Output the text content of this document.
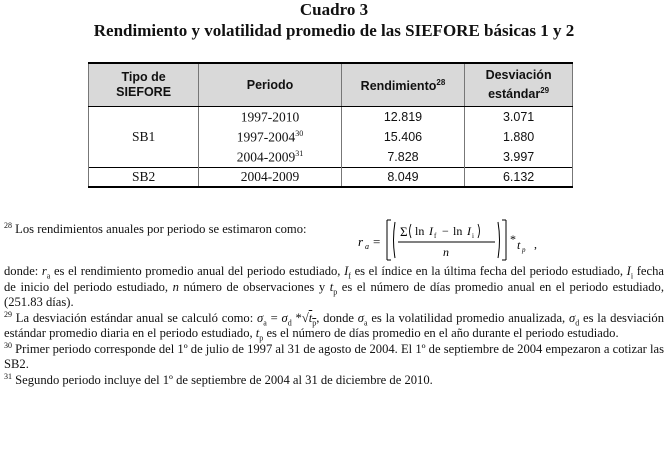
Cuadro 3
Rendimiento y volatilidad promedio de las SIEFORE básicas 1 y 2
Tipo de
SIEFORE	Periodo	Rendimiento$^{28}$	Desviación
estándar$^{29}$
SB1	1997-2010	12.819	3.071
	1997-2004$^{30}$	15.406	1.880
	2004-2009$^{31}$	7.828	3.997
SB2	2004-2009	8.049	6.132
$^{28}$ Los rendimientos anuales por periodo se estimaron como:
r a =
Σ ln I f − ln I i
n
* t p ,
donde: $r_a$ es el rendimiento promedio anual del periodo estudiado, $I_f$ es el índice en la última fecha del periodo estudiado, $I_i$ fecha de inicio del periodo estudiado, n número de observaciones y $t_p$ es el número de días promedio anual en el periodo estudiado, (251.83 días).
$^{29}$ La desviación estándar anual se calculó como: $\sigma_a = \sigma_d$ $*√t_p$, donde $\sigma_a$ es la volatilidad promedio anualizada, $\sigma_d$ es la desviación estándar promedio diaria en el periodo estudiado, $t_p$ es el número de días promedio en el año durante el periodo estudiado.
$^{30}$ Primer periodo corresponde del 1º de julio de 1997 al 31 de agosto de 2004. El 1º de septiembre de 2004 empezaron a cotizar las SB2.
$^{31}$ Segundo periodo incluye del 1º de septiembre de 2004 al 31 de diciembre de 2010.
